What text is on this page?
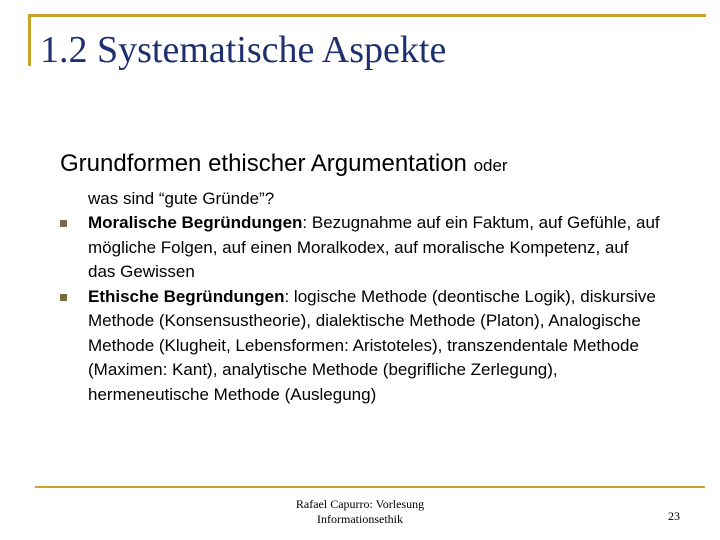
1.2 Systematische Aspekte
Grundformen ethischer Argumentation oder
was sind “gute Gründe”?
Moralische Begründungen: Bezugnahme auf ein Faktum, auf Gefühle, auf mögliche Folgen, auf einen Moralkodex, auf moralische Kompetenz, auf das Gewissen
Ethische Begründungen: logische Methode (deontische Logik), diskursive Methode (Konsensustheorie), dialektische Methode (Platon), Analogische Methode (Klugheit, Lebensformen: Aristoteles), transzendentale Methode (Maximen: Kant), analytische Methode (begrifliche Zerlegung), hermeneutische Methode (Auslegung)
Rafael Capurro: Vorlesung
Informationsethik	23
